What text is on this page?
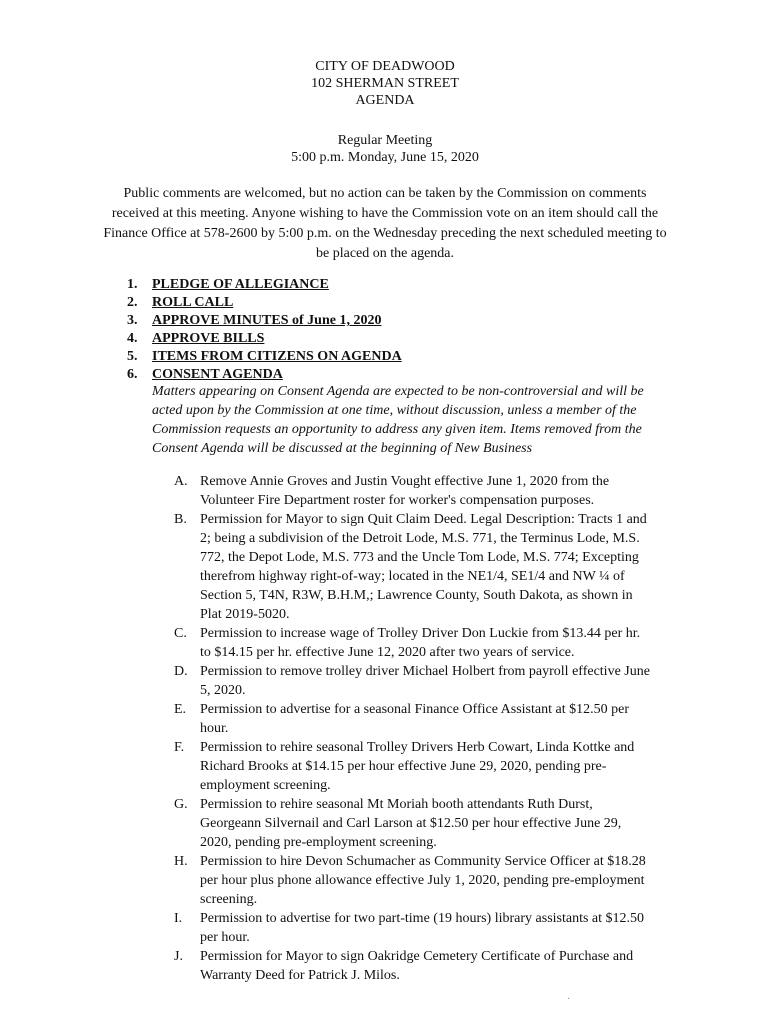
CITY OF DEADWOOD
102 SHERMAN STREET
AGENDA
Regular Meeting
5:00 p.m. Monday, June 15, 2020
Public comments are welcomed, but no action can be taken by the Commission on comments received at this meeting. Anyone wishing to have the Commission vote on an item should call the Finance Office at 578-2600 by 5:00 p.m. on the Wednesday preceding the next scheduled meeting to be placed on the agenda.
1. PLEDGE OF ALLEGIANCE
2. ROLL CALL
3. APPROVE MINUTES of June 1, 2020
4. APPROVE BILLS
5. ITEMS FROM CITIZENS ON AGENDA
6. CONSENT AGENDA
Matters appearing on Consent Agenda are expected to be non-controversial and will be acted upon by the Commission at one time, without discussion, unless a member of the Commission requests an opportunity to address any given item. Items removed from the Consent Agenda will be discussed at the beginning of New Business
A. Remove Annie Groves and Justin Vought effective June 1, 2020 from the Volunteer Fire Department roster for worker's compensation purposes.
B. Permission for Mayor to sign Quit Claim Deed. Legal Description: Tracts 1 and 2; being a subdivision of the Detroit Lode, M.S. 771, the Terminus Lode, M.S. 772, the Depot Lode, M.S. 773 and the Uncle Tom Lode, M.S. 774; Excepting therefrom highway right-of-way; located in the NE1/4, SE1/4 and NW ¼ of Section 5, T4N, R3W, B.H.M,; Lawrence County, South Dakota, as shown in Plat 2019-5020.
C. Permission to increase wage of Trolley Driver Don Luckie from $13.44 per hr. to $14.15 per hr. effective June 12, 2020 after two years of service.
D. Permission to remove trolley driver Michael Holbert from payroll effective June 5, 2020.
E. Permission to advertise for a seasonal Finance Office Assistant at $12.50 per hour.
F.	Permission to rehire seasonal Trolley Drivers Herb Cowart, Linda Kottke and Richard Brooks at $14.15 per hour effective June 29, 2020, pending pre-employment screening.
G. Permission to rehire seasonal Mt Moriah booth attendants Ruth Durst, Georgeann Silvernail and Carl Larson at $12.50 per hour effective June 29, 2020, pending pre-employment screening.
H. Permission to hire Devon Schumacher as Community Service Officer at $18.28 per hour plus phone allowance effective July 1, 2020, pending pre-employment screening.
I.	Permission to advertise for two part-time (19 hours) library assistants at $12.50 per hour.
J.	Permission for Mayor to sign Oakridge Cemetery Certificate of Purchase and Warranty Deed for Patrick J. Milos.
·
